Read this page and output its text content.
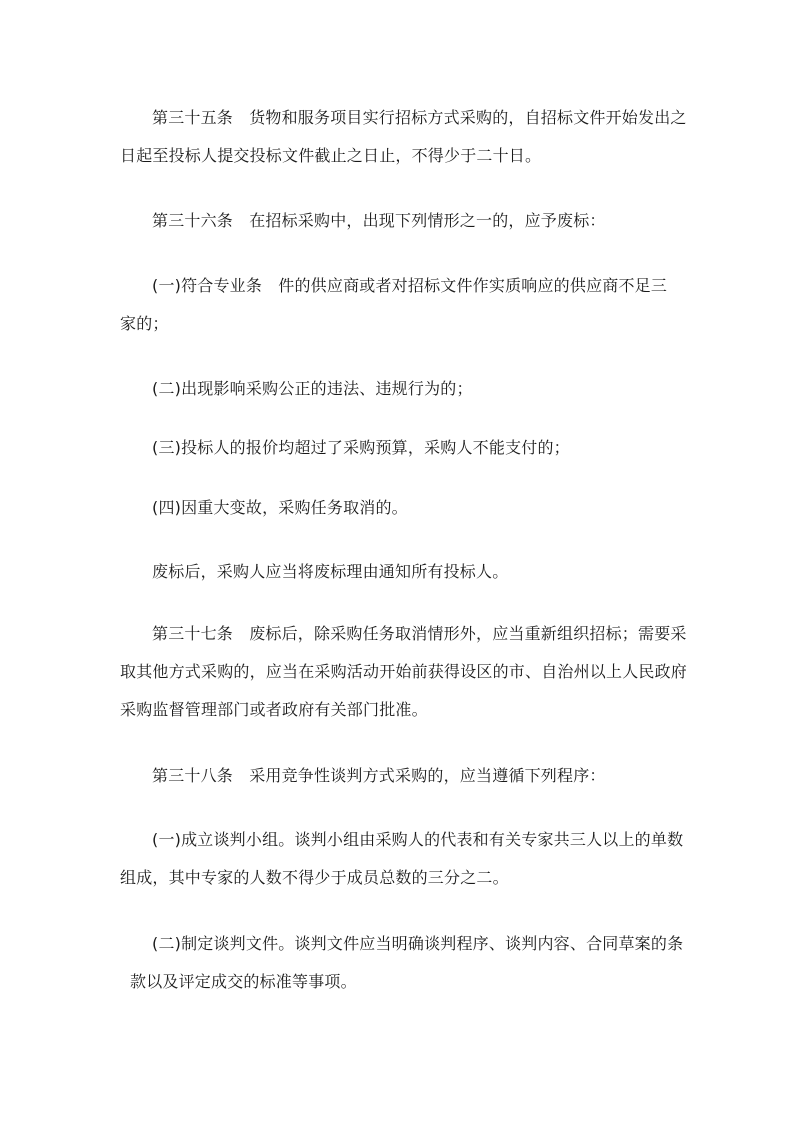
第三十五条　货物和服务项目实行招标方式采购的，自招标文件开始发出之
日起至投标人提交投标文件截止之日止，不得少于二十日。
第三十六条　在招标采购中，出现下列情形之一的，应予废标：
(一)符合专业条　件的供应商或者对招标文件作实质响应的供应商不足三
家的；
(二)出现影响采购公正的违法、违规行为的；
(三)投标人的报价均超过了采购预算，采购人不能支付的；
(四)因重大变故，采购任务取消的。
废标后，采购人应当将废标理由通知所有投标人。
第三十七条　废标后，除采购任务取消情形外，应当重新组织招标；需要采
取其他方式采购的，应当在采购活动开始前获得设区的市、自治州以上人民政府
采购监督管理部门或者政府有关部门批准。
第三十八条　采用竞争性谈判方式采购的，应当遵循下列程序：
(一)成立谈判小组。谈判小组由采购人的代表和有关专家共三人以上的单数
组成，其中专家的人数不得少于成员总数的三分之二。
(二)制定谈判文件。谈判文件应当明确谈判程序、谈判内容、合同草案的条
款以及评定成交的标准等事项。
